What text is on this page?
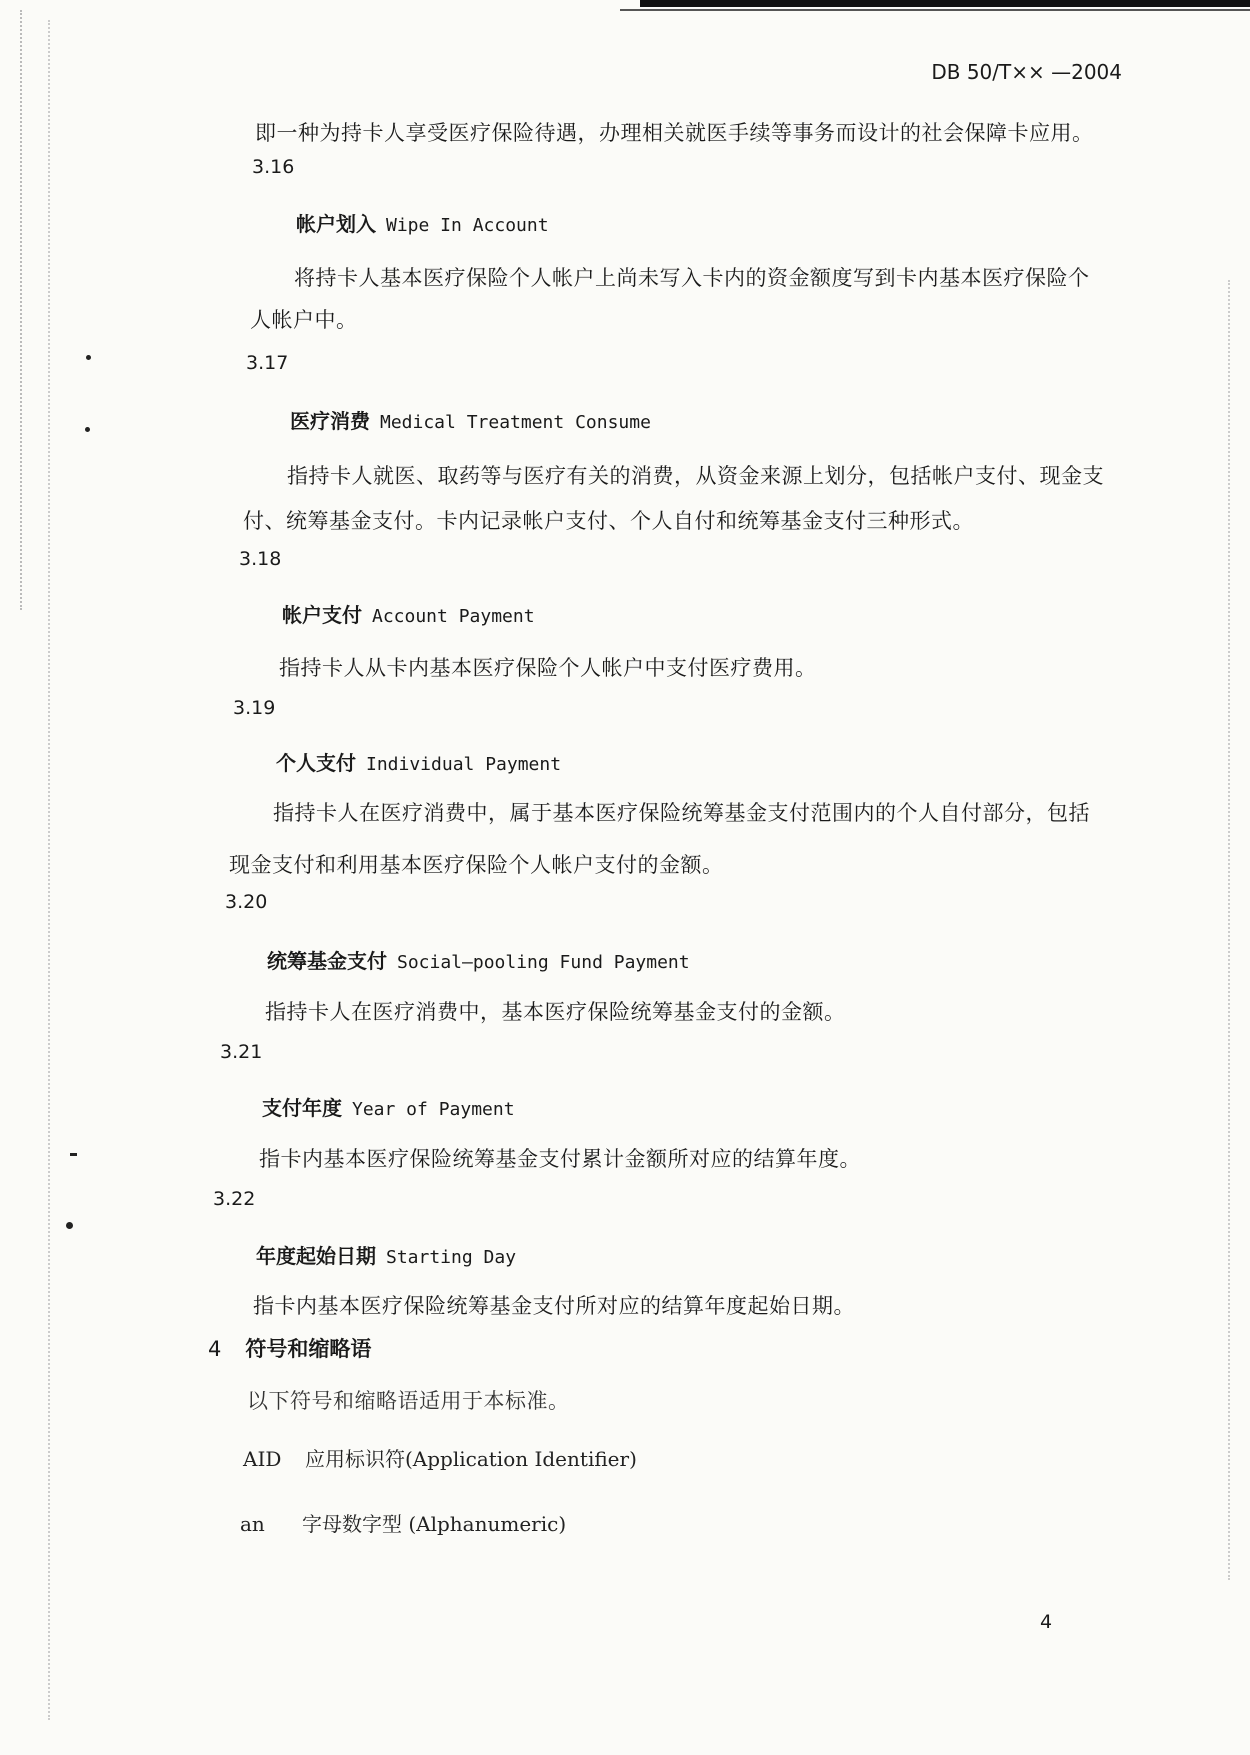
DB 50/T×× —2004
即一种为持卡人享受医疗保险待遇，办理相关就医手续等事务而设计的社会保障卡应用。
3.16
帐户划入 Wipe In Account
将持卡人基本医疗保险个人帐户上尚未写入卡内的资金额度写到卡内基本医疗保险个
人帐户中。
3.17
医疗消费 Medical Treatment Consume
指持卡人就医、取药等与医疗有关的消费，从资金来源上划分，包括帐户支付、现金支
付、统筹基金支付。卡内记录帐户支付、个人自付和统筹基金支付三种形式。
3.18
帐户支付 Account Payment
指持卡人从卡内基本医疗保险个人帐户中支付医疗费用。
3.19
个人支付 Individual Payment
指持卡人在医疗消费中，属于基本医疗保险统筹基金支付范围内的个人自付部分，包括
现金支付和利用基本医疗保险个人帐户支付的金额。
3.20
统筹基金支付 Social—pooling Fund Payment
指持卡人在医疗消费中，基本医疗保险统筹基金支付的金额。
3.21
支付年度 Year of Payment
指卡内基本医疗保险统筹基金支付累计金额所对应的结算年度。
3.22
年度起始日期 Starting Day
指卡内基本医疗保险统筹基金支付所对应的结算年度起始日期。
4 符号和缩略语
以下符号和缩略语适用于本标准。
AID 应用标识符(Application Identifier)
an 字母数字型 (Alphanumeric)
4
